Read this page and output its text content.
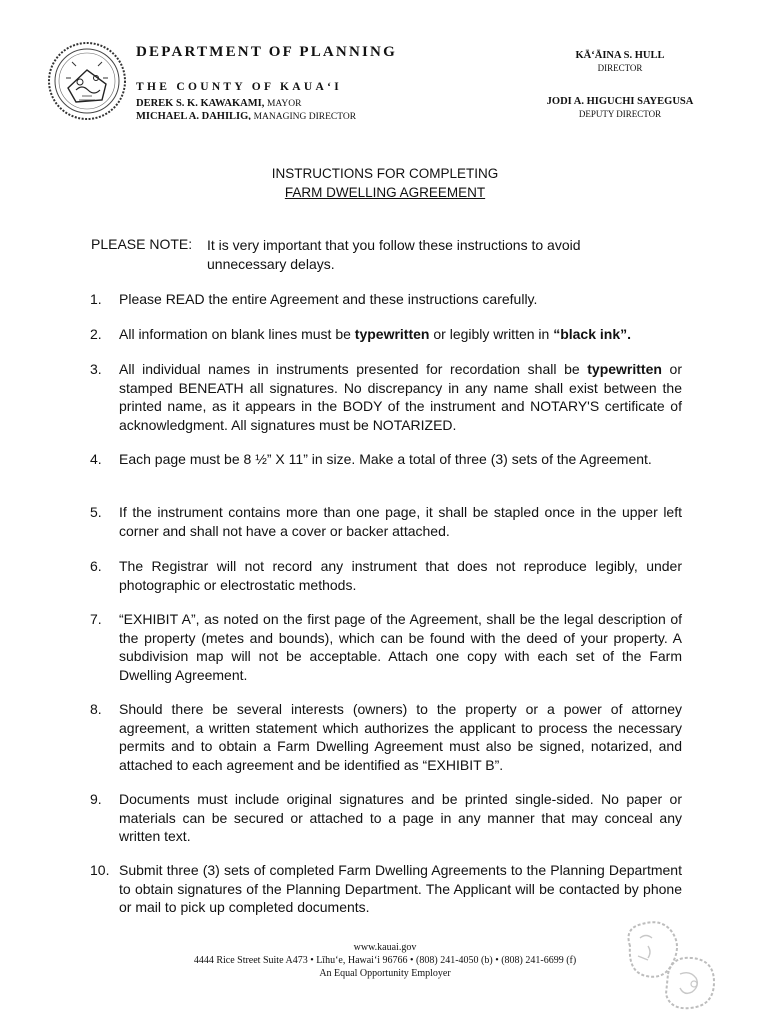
DEPARTMENT OF PLANNING
THE COUNTY OF KAUAʻI
DEREK S. K. KAWAKAMI, MAYOR
MICHAEL A. DAHILIG, MANAGING DIRECTOR
KĀʻĀINA S. HULL
DIRECTOR
JODI A. HIGUCHI SAYEGUSA
DEPUTY DIRECTOR
INSTRUCTIONS FOR COMPLETING
FARM DWELLING AGREEMENT
PLEASE NOTE: It is very important that you follow these instructions to avoid unnecessary delays.
1.	Please READ the entire Agreement and these instructions carefully.
2.	All information on blank lines must be typewritten or legibly written in “black ink”.
3.	All individual names in instruments presented for recordation shall be typewritten or stamped BENEATH all signatures. No discrepancy in any name shall exist between the printed name, as it appears in the BODY of the instrument and NOTARY'S certificate of acknowledgment. All signatures must be NOTARIZED.
4.	Each page must be 8 ½” X 11” in size. Make a total of three (3) sets of the Agreement.
5.	If the instrument contains more than one page, it shall be stapled once in the upper left corner and shall not have a cover or backer attached.
6.	The Registrar will not record any instrument that does not reproduce legibly, under photographic or electrostatic methods.
7.	“EXHIBIT A”, as noted on the first page of the Agreement, shall be the legal description of the property (metes and bounds), which can be found with the deed of your property. A subdivision map will not be acceptable. Attach one copy with each set of the Farm Dwelling Agreement.
8.	Should there be several interests (owners) to the property or a power of attorney agreement, a written statement which authorizes the applicant to process the necessary permits and to obtain a Farm Dwelling Agreement must also be signed, notarized, and attached to each agreement and be identified as “EXHIBIT B”.
9.	Documents must include original signatures and be printed single-sided. No paper or materials can be secured or attached to a page in any manner that may conceal any written text.
10. Submit three (3) sets of completed Farm Dwelling Agreements to the Planning Department to obtain signatures of the Planning Department. The Applicant will be contacted by phone or mail to pick up completed documents.
www.kauai.gov
4444 Rice Street Suite A473 • Līhuʻe, Hawaiʻi 96766 • (808) 241-4050 (b) • (808) 241-6699 (f)
An Equal Opportunity Employer
